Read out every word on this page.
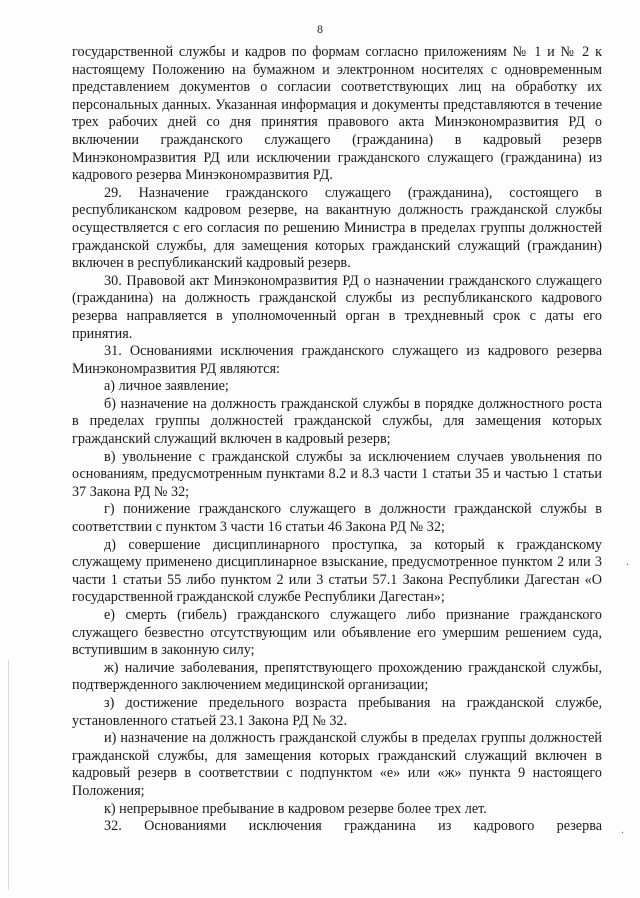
8

государственной службы и кадров по формам согласно приложениям № 1 и № 2 к настоящему Положению на бумажном и электронном носителях с одновременным представлением документов о согласии соответствующих лиц на обработку их персональных данных. Указанная информация и документы представляются в течение трех рабочих дней со дня принятия правового акта Минэкономразвития РД о включении гражданского служащего (гражданина) в кадровый резерв Минэкономразвития РД или исключении гражданского служащего (гражданина) из кадрового резерва Минэкономразвития РД.

29. Назначение гражданского служащего (гражданина), состоящего в республиканском кадровом резерве, на вакантную должность гражданской службы осуществляется с его согласия по решению Министра в пределах группы должностей гражданской службы, для замещения которых гражданский служащий (гражданин) включен в республиканский кадровый резерв.

30. Правовой акт Минэкономразвития РД о назначении гражданского служащего (гражданина) на должность гражданской службы из республиканского кадрового резерва направляется в уполномоченный орган в трехдневный срок с даты его принятия.

31. Основаниями исключения гражданского служащего из кадрового резерва Минэкономразвития РД являются:

а) личное заявление;

б) назначение на должность гражданской службы в порядке должностного роста в пределах группы должностей гражданской службы, для замещения которых гражданский служащий включен в кадровый резерв;

в) увольнение с гражданской службы за исключением случаев увольнения по основаниям, предусмотренным пунктами 8.2 и 8.3 части 1 статьи 35 и частью 1 статьи 37 Закона РД № 32;

г) понижение гражданского служащего в должности гражданской службы в соответствии с пунктом 3 части 16 статьи 46 Закона РД № 32;

д) совершение дисциплинарного проступка, за который к гражданскому служащему применено дисциплинарное взыскание, предусмотренное пунктом 2 или 3 части 1 статьи 55 либо пунктом 2 или 3 статьи 57.1 Закона Республики Дагестан «О государственной гражданской службе Республики Дагестан»;

е) смерть (гибель) гражданского служащего либо признание гражданского служащего безвестно отсутствующим или объявление его умершим решением суда, вступившим в законную силу;

ж) наличие заболевания, препятствующего прохождению гражданской службы, подтвержденного заключением медицинской организации;

з) достижение предельного возраста пребывания на гражданской службе, установленного статьей 23.1 Закона РД № 32.

и) назначение на должность гражданской службы в пределах группы должностей гражданской службы, для замещения которых гражданский служащий включен в кадровый резерв в соответствии с подпунктом «е» или «ж» пункта 9 настоящего Положения;

к) непрерывное пребывание в кадровом резерве более трех лет.

32. Основаниями исключения гражданина из кадрового резерва

·
·
